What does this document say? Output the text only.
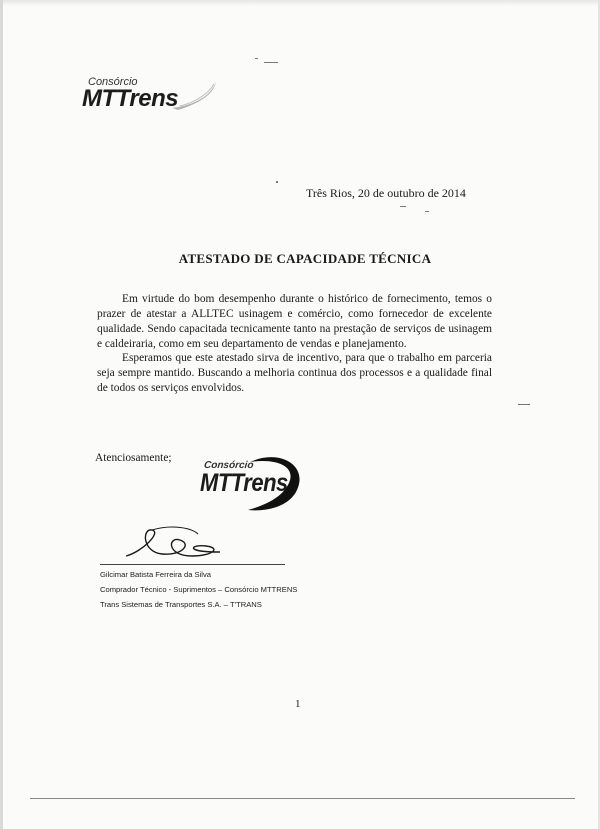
Consórcio
MTTrens
Três Rios, 20 de outubro de 2014
ATESTADO DE CAPACIDADE TÉCNICA

Em virtude do bom desempenho durante o histórico de fornecimento, temos o prazer de atestar a ALLTEC usinagem e comércio, como fornecedor de excelente qualidade. Sendo capacitada tecnicamente tanto na prestação de serviços de usinagem e caldeiraria, como em seu departamento de vendas e planejamento.

Esperamos que este atestado sirva de incentivo, para que o trabalho em parceria seja sempre mantido. Buscando a melhoria continua dos processos e a qualidade final de todos os serviços envolvidos.

Atenciosamente;
Consórcio
MTTrens
Gilcimar Batista Ferreira da Silva
Comprador Técnico - Suprimentos – Consórcio MTTRENS
Trans Sistemas de Transportes S.A. – T'TRANS
1
